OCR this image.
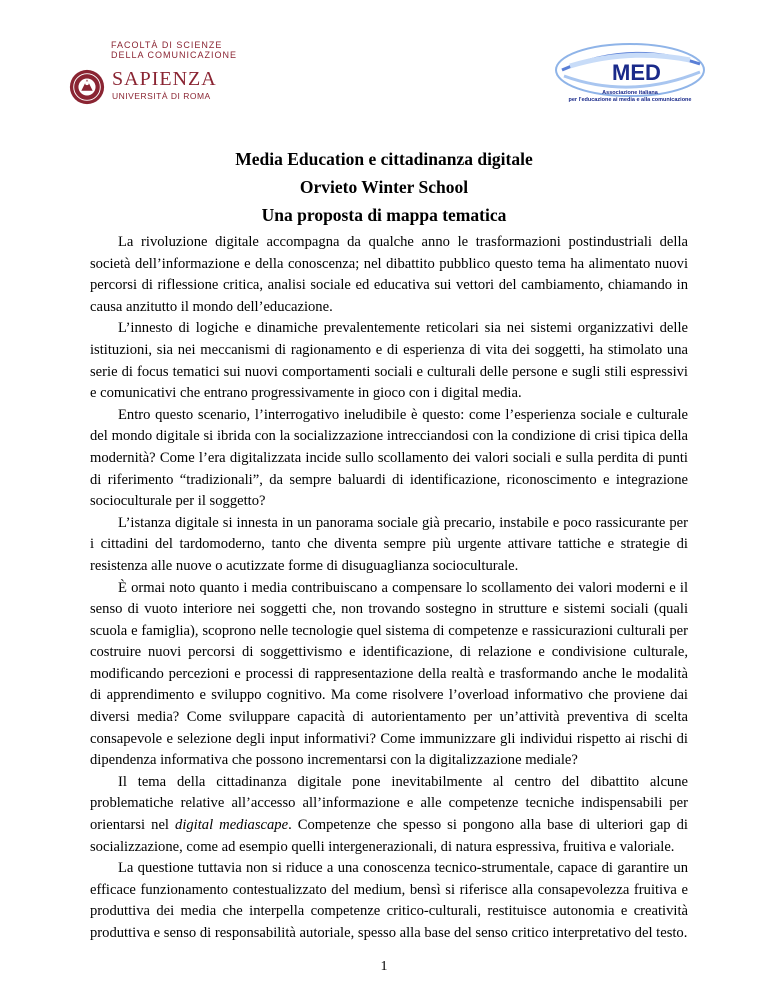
FACOLTÀ DI SCIENZE
DELLA COMUNICAZIONE
SAPIENZA
UNIVERSITÀ DI ROMA
MED
Associazione italiana
per l'educazione ai media e alla comunicazione
Media Education e cittadinanza digitale
Orvieto Winter School
Una proposta di mappa tematica

La rivoluzione digitale accompagna da qualche anno le trasformazioni postindustriali della società dell’informazione e della conoscenza; nel dibattito pubblico questo tema ha alimentato nuovi percorsi di riflessione critica, analisi sociale ed educativa sui vettori del cambiamento, chiamando in causa anzitutto il mondo dell’educazione.

L’innesto di logiche e dinamiche prevalentemente reticolari sia nei sistemi organizzativi delle istituzioni, sia nei meccanismi di ragionamento e di esperienza di vita dei soggetti, ha stimolato una serie di focus tematici sui nuovi comportamenti sociali e culturali delle persone e sugli stili espressivi e comunicativi che entrano progressivamente in gioco con i digital media.

Entro questo scenario, l’interrogativo ineludibile è questo: come l’esperienza sociale e culturale del mondo digitale si ibrida con la socializzazione intrecciandosi con la condizione di crisi tipica della modernità? Come l’era digitalizzata incide sullo scollamento dei valori sociali e sulla perdita di punti di riferimento “tradizionali”, da sempre baluardi di identificazione, riconoscimento e integrazione socioculturale per il soggetto?

L’istanza digitale si innesta in un panorama sociale già precario, instabile e poco rassicurante per i cittadini del tardomoderno, tanto che diventa sempre più urgente attivare tattiche e strategie di resistenza alle nuove o acutizzate forme di disuguaglianza socioculturale.

È ormai noto quanto i media contribuiscano a compensare lo scollamento dei valori moderni e il senso di vuoto interiore nei soggetti che, non trovando sostegno in strutture e sistemi sociali (quali scuola e famiglia), scoprono nelle tecnologie quel sistema di competenze e rassicurazioni culturali per costruire nuovi percorsi di soggettivismo e identificazione, di relazione e condivisione culturale, modificando percezioni e processi di rappresentazione della realtà e trasformando anche le modalità di apprendimento e sviluppo cognitivo. Ma come risolvere l’overload informativo che proviene dai diversi media? Come sviluppare capacità di autorientamento per un’attività preventiva di scelta consapevole e selezione degli input informativi? Come immunizzare gli individui rispetto ai rischi di dipendenza informativa che possono incrementarsi con la digitalizzazione mediale?

Il tema della cittadinanza digitale pone inevitabilmente al centro del dibattito alcune problematiche relative all’accesso all’informazione e alle competenze tecniche indispensabili per orientarsi nel digital mediascape. Competenze che spesso si pongono alla base di ulteriori gap di socializzazione, come ad esempio quelli intergenerazionali, di natura espressiva, fruitiva e valoriale.

La questione tuttavia non si riduce a una conoscenza tecnico-strumentale, capace di garantire un efficace funzionamento contestualizzato del medium, bensì si riferisce alla consapevolezza fruitiva e produttiva dei media che interpella competenze critico-culturali, restituisce autonomia e creatività produttiva e senso di responsabilità autoriale, spesso alla base del senso critico interpretativo del testo.

1
